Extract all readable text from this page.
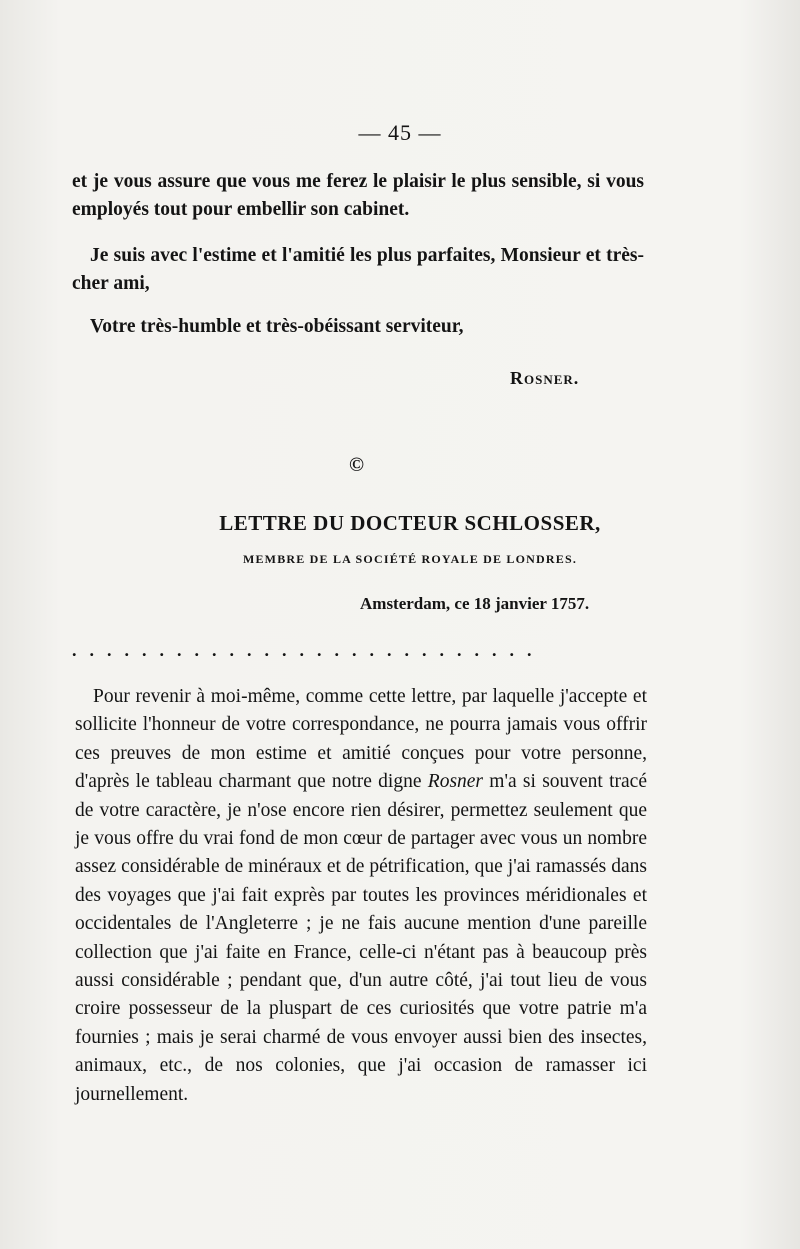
— 45 —
et je vous assure que vous me ferez le plaisir le plus sensible, si vous employés tout pour embellir son cabinet.
Je suis avec l'estime et l'amitié les plus parfaites, Monsieur et très-cher ami,
Votre très-humble et très-obéissant serviteur,
Rosner.
©
LETTRE DU DOCTEUR SCHLOSSER,
MEMBRE DE LA SOCIÉTÉ ROYALE DE LONDRES.
Amsterdam, ce 18 janvier 1757.
...........................
Pour revenir à moi-même, comme cette lettre, par laquelle j'accepte et sollicite l'honneur de votre correspondance, ne pourra jamais vous offrir ces preuves de mon estime et amitié conçues pour votre personne, d'après le tableau charmant que notre digne Rosner m'a si souvent tracé de votre caractère, je n'ose encore rien désirer, permettez seulement que je vous offre du vrai fond de mon cœur de partager avec vous un nombre assez considérable de minéraux et de pétrification, que j'ai ramassés dans des voyages que j'ai fait exprès par toutes les provinces méridionales et occidentales de l'Angleterre ; je ne fais aucune mention d'une pareille collection que j'ai faite en France, celle-ci n'étant pas à beaucoup près aussi considérable ; pendant que, d'un autre côté, j'ai tout lieu de vous croire possesseur de la pluspart de ces curiosités que votre patrie m'a fournies ; mais je serai charmé de vous envoyer aussi bien des insectes, animaux, etc., de nos colonies, que j'ai occasion de ramasser ici journellement.
